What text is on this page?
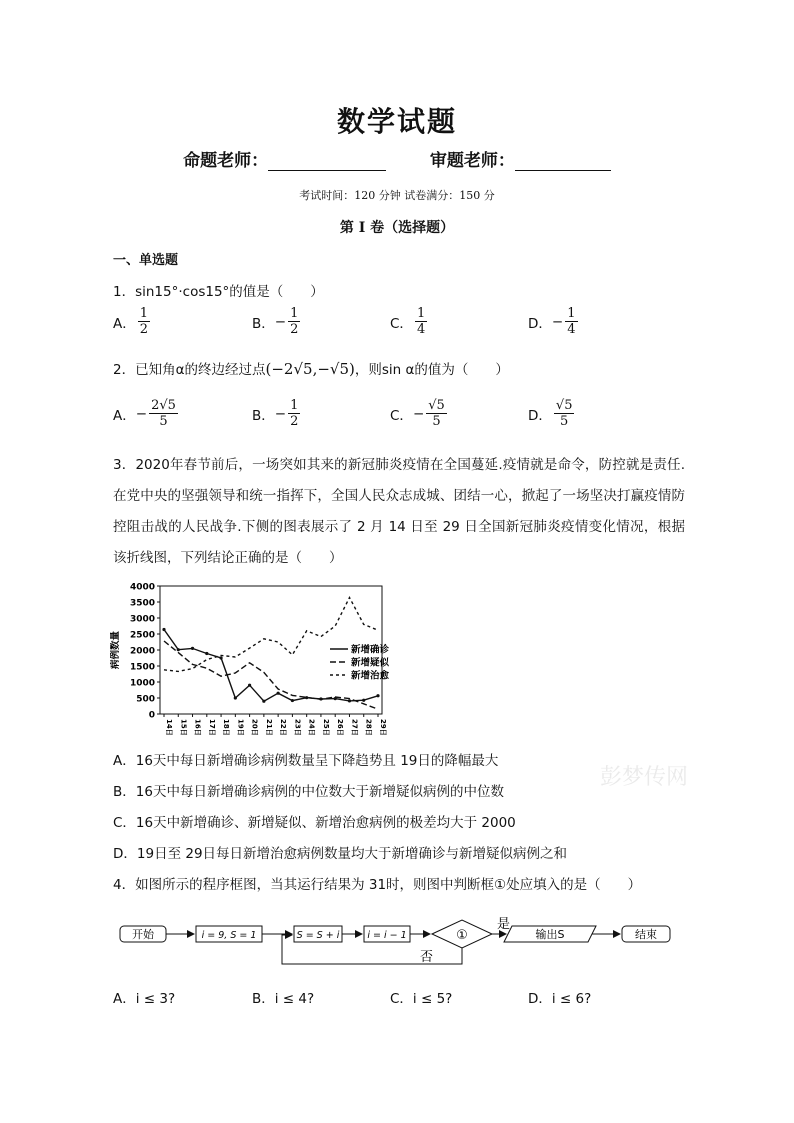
数学试题
命题老师：	审题老师：
考试时间：120 分钟 试卷满分：150 分
第 I 卷（选择题）
一、单选题
1．sin15°·cos15°的值是（　　）
A． $\frac{1}{2}$	B． − $\frac{1}{2}$	C． $\frac{1}{4}$	D． − $\frac{1}{4}$
2．已知角α的终边经过点(−2√5,−√5)，则sin α的值为（　　）
A． − $\frac{2√5}{5}$	B． − $\frac{1}{2}$	C． − $\frac{√5}{5}$	D． $\frac{√5}{5}$
3．2020年春节前后，一场突如其来的新冠肺炎疫情在全国蔓延.疫情就是命令，防控就是责任.在党中央的坚强领导和统一指挥下，全国人民众志成城、团结一心，掀起了一场坚决打赢疫情防控阻击战的人民战争.下侧的图表展示了 2 月 14 日至 29 日全国新冠肺炎疫情变化情况，根据该折线图，下列结论正确的是（　　）
0
500
1000
1500
2000
2500
3000
3500
4000
病例数量
14日 15日 16日 17日 18日 19日 20日 21日 22日 23日 24日 25日 26日 27日 28日 29日
新增确诊
新增疑似
新增治愈
A．16天中每日新增确诊病例数量呈下降趋势且 19日的降幅最大
B．16天中每日新增确诊病例的中位数大于新增疑似病例的中位数
C．16天中新增确诊、新增疑似、新增治愈病例的极差均大于 2000
D．19日至 29日每日新增治愈病例数量均大于新增确诊与新增疑似病例之和
4．如图所示的程序框图，当其运行结果为 31时，则图中判断框①处应填入的是（　　）
开始	i = 9, S = 1	S = S + i	i = i − 1	①
是
输出S	结束
否
A．i ≤ 3?	B．i ≤ 4?	C．i ≤ 5?	D．i ≤ 6?
彭梦传网
